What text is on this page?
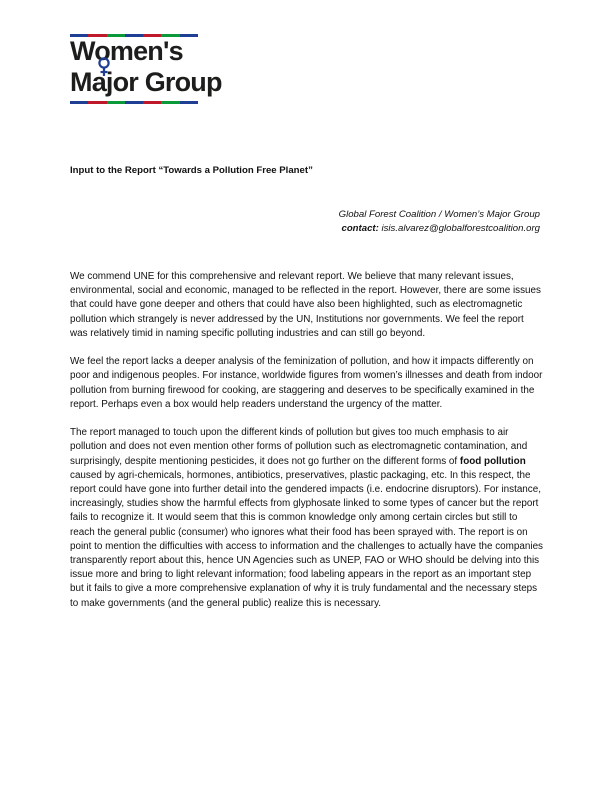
Women's
Major Group
Input to the Report “Towards a Pollution Free Planet”
Global Forest Coalition / Women’s Major Group
contact: isis.alvarez@globalforestcoalition.org

We commend UNE for this comprehensive and relevant report. We believe that many relevant issues, environmental, social and economic, managed to be reflected in the report. However, there are some issues that could have gone deeper and others that could have also been highlighted, such as electromagnetic pollution which strangely is never addressed by the UN, Institutions nor governments. We feel the report was relatively timid in naming specific polluting industries and can still go beyond.

We feel the report lacks a deeper analysis of the feminization of pollution, and how it impacts differently on poor and indigenous peoples. For instance, worldwide figures from women’s illnesses and death from indoor pollution from burning firewood for cooking, are staggering and deserves to be specifically examined in the report. Perhaps even a box would help readers understand the urgency of the matter.

The report managed to touch upon the different kinds of pollution but gives too much emphasis to air pollution and does not even mention other forms of pollution such as electromagnetic contamination, and surprisingly, despite mentioning pesticides, it does not go further on the different forms of food pollution caused by agri-chemicals, hormones, antibiotics, preservatives, plastic packaging, etc. In this respect, the report could have gone into further detail into the gendered impacts (i.e. endocrine disruptors). For instance, increasingly, studies show the harmful effects from glyphosate linked to some types of cancer but the report fails to recognize it. It would seem that this is common knowledge only among certain circles but still to reach the general public (consumer) who ignores what their food has been sprayed with. The report is on point to mention the difficulties with access to information and the challenges to actually have the companies transparently report about this, hence UN Agencies such as UNEP, FAO or WHO should be delving into this issue more and bring to light relevant information; food labeling appears in the report as an important step but it fails to give a more comprehensive explanation of why it is truly fundamental and the necessary steps to make governments (and the general public) realize this is necessary.
